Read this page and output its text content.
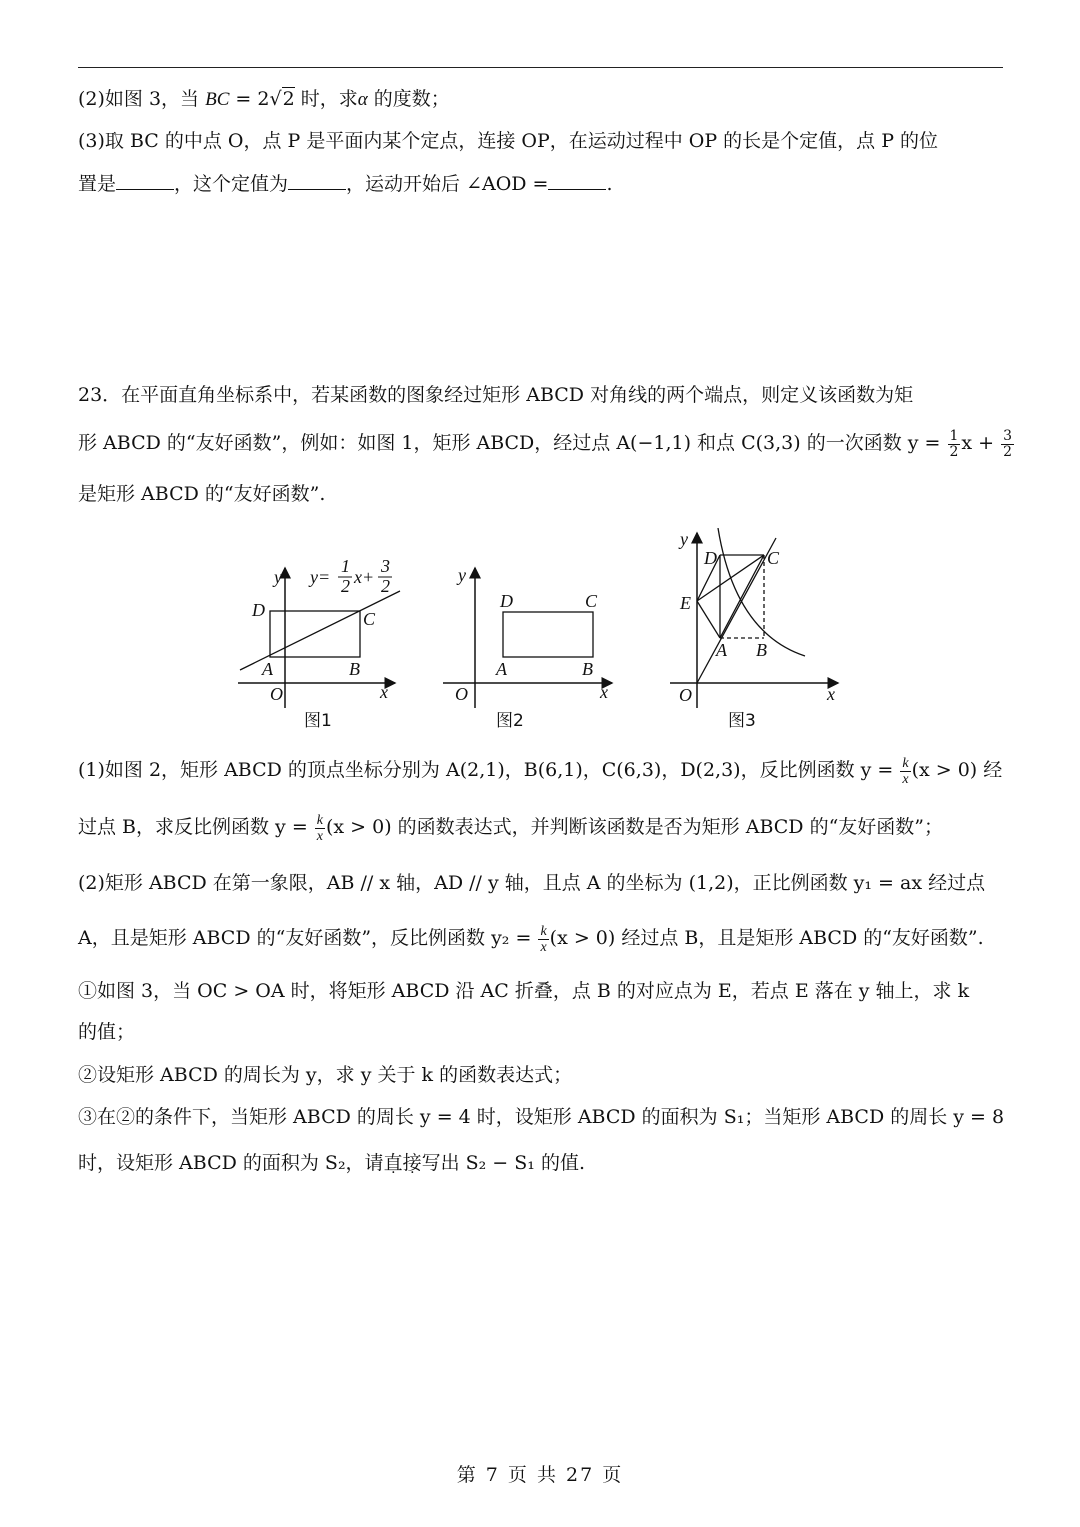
(2)如图 3，当 BC = 2√2 时，求α 的度数；
(3)取 BC 的中点 O，点 P 是平面内某个定点，连接 OP，在运动过程中 OP 的长是个定值，点 P 的位
置是	，这个定值为	，运动开始后 ∠AOD =	.
23．在平面直角坐标系中，若某函数的图象经过矩形 ABCD 对角线的两个端点，则定义该函数为矩
形 ABCD 的“友好函数”，例如：如图 1，矩形 ABCD，经过点 A(−1,1) 和点 C(3,3) 的一次函数 $y = \frac{1}{2}$ $x + \frac{3}{2}$
是矩形 ABCD 的“友好函数”.
y y=
1
2 x+
3
2
D	C
A	B
O	x
图1
y
D	C
A	B
O	x
图2
y
D	C
E
A B
O	x
图3
(1)如图 2，矩形 ABCD 的顶点坐标分别为 A(2,1)，B(6,1)，C(6,3)，D(2,3)，反比例函数 $y = \frac{k}{x} (x > 0)$ 经
过点 B，求反比例函数 $y = \frac{k}{x} (x > 0)$ 的函数表达式，并判断该函数是否为矩形 ABCD 的“友好函数”；
(2)矩形 ABCD 在第一象限，AB // x 轴，AD // y 轴，且点 A 的坐标为 (1,2)，正比例函数 y₁ = ax 经过点
A，且是矩形 ABCD 的“友好函数”，反比例函数 $y_2 = \frac{k}{x} (x > 0)$ 经过点 B，且是矩形 ABCD 的“友好函数”.
①如图 3，当 OC > OA 时，将矩形 ABCD 沿 AC 折叠，点 B 的对应点为 E，若点 E 落在 y 轴上，求 k
的值；
②设矩形 ABCD 的周长为 y，求 y 关于 k 的函数表达式；
③在②的条件下，当矩形 ABCD 的周长 y = 4 时，设矩形 ABCD 的面积为 S₁；当矩形 ABCD 的周长 y = 8
时，设矩形 ABCD 的面积为 S₂，请直接写出 S₂ − S₁ 的值.
第 7 页 共 27 页
